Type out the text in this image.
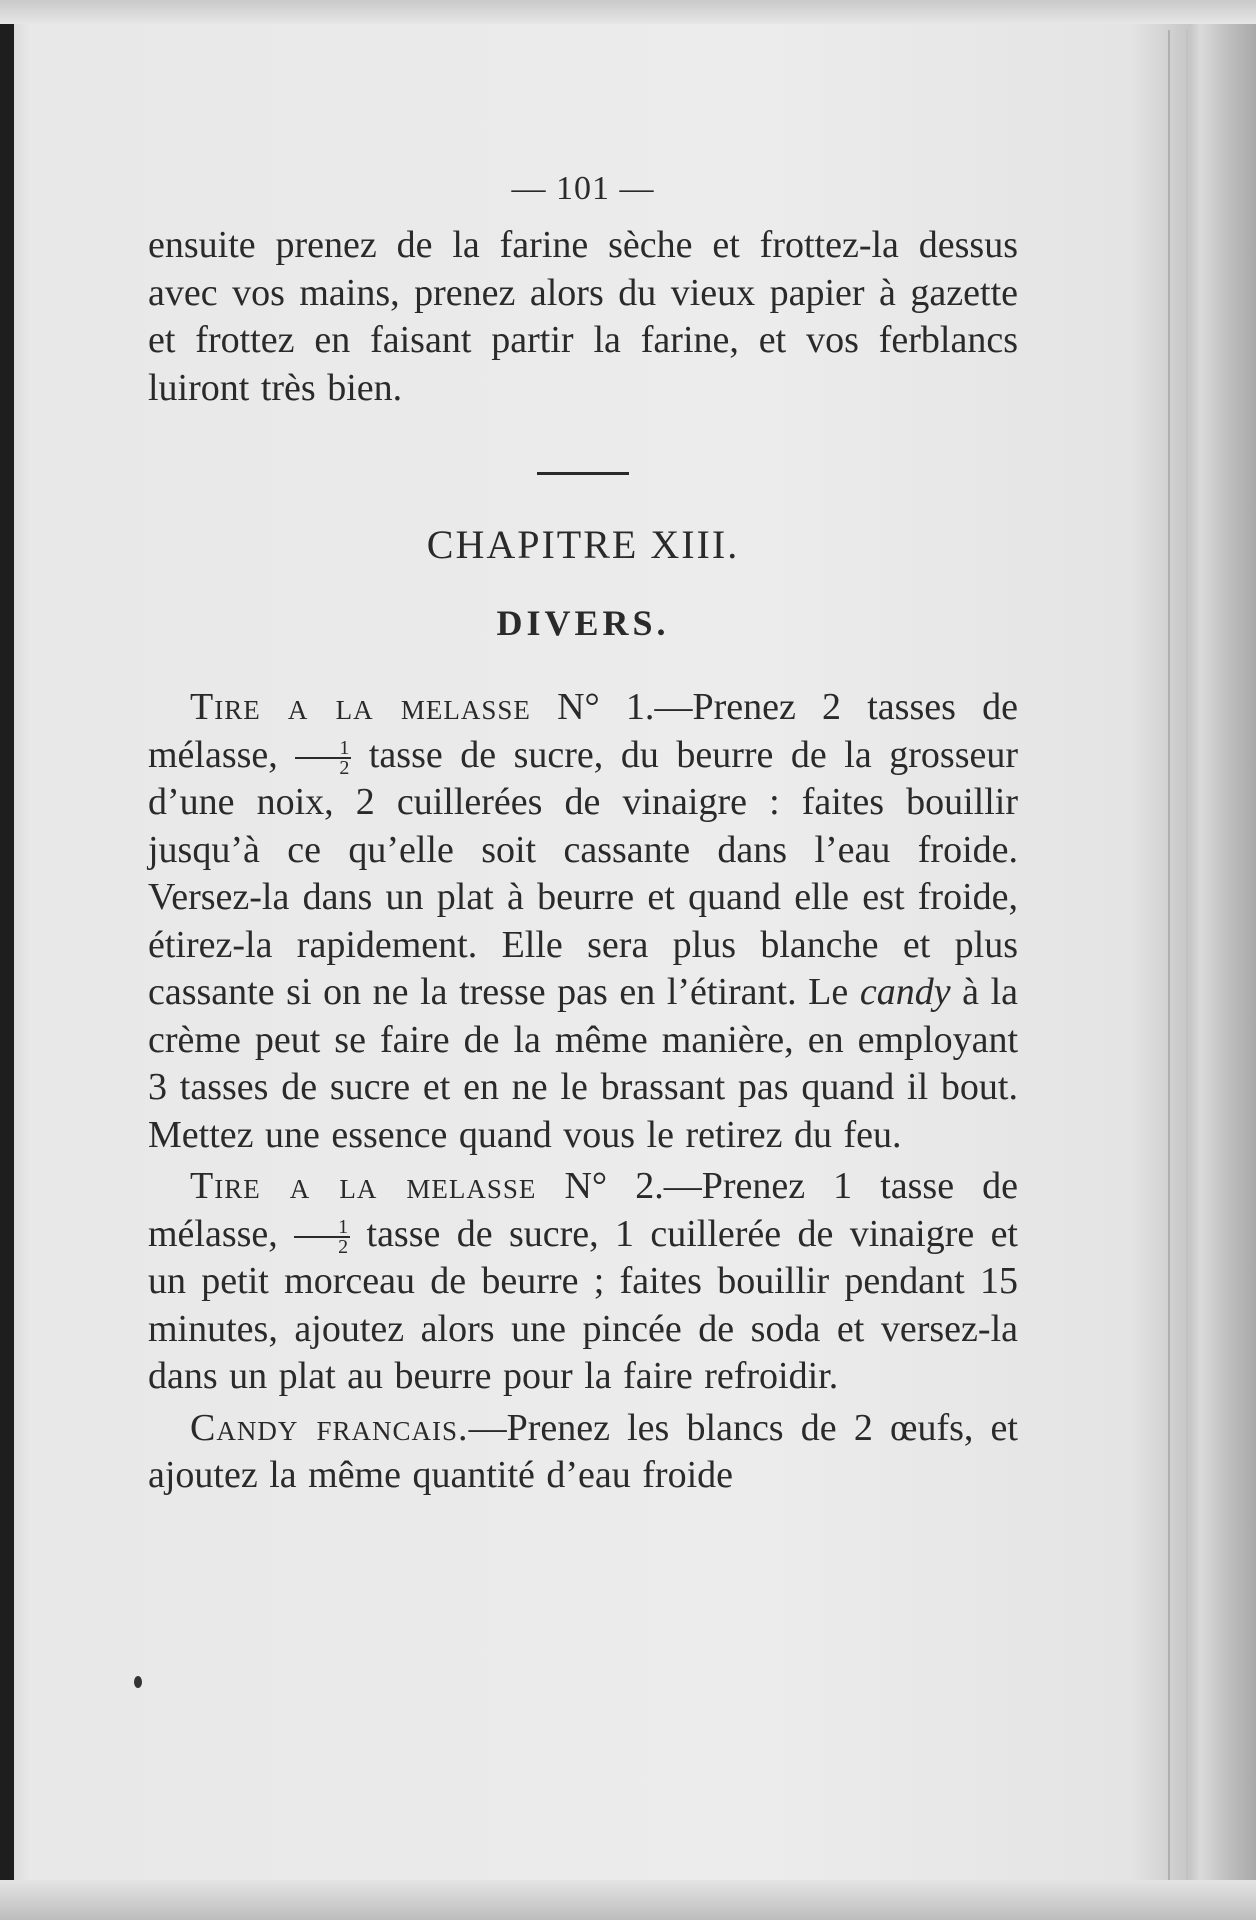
— 101 —

ensuite prenez de la farine sèche et frottez-la dessus avec vos mains, prenez alors du vieux papier à gazette et frottez en faisant partir la farine, et vos ferblancs luiront très bien.

CHAPITRE XIII.
DIVERS.

Tire a la melasse N° 1.—Prenez 2 tasses de mélasse, $\frac{1}{2}$ tasse de sucre, du beurre de la grosseur d’une noix, 2 cuillerées de vinaigre : faites bouillir jusqu’à ce qu’elle soit cassante dans l’eau froide. Versez-la dans un plat à beurre et quand elle est froide, étirez-la rapidement. Elle sera plus blanche et plus cassante si on ne la tresse pas en l’étirant. Le candy à la crème peut se faire de la même manière, en employant 3 tasses de sucre et en ne le brassant pas quand il bout. Mettez une essence quand vous le retirez du feu.

Tire a la melasse N° 2.—Prenez 1 tasse de mélasse, $\frac{1}{2}$ tasse de sucre, 1 cuillerée de vinaigre et un petit morceau de beurre ; faites bouillir pendant 15 minutes, ajoutez alors une pincée de soda et versez-la dans un plat au beurre pour la faire refroidir.

Candy francais.—Prenez les blancs de 2 œufs, et ajoutez la même quantité d’eau froide
